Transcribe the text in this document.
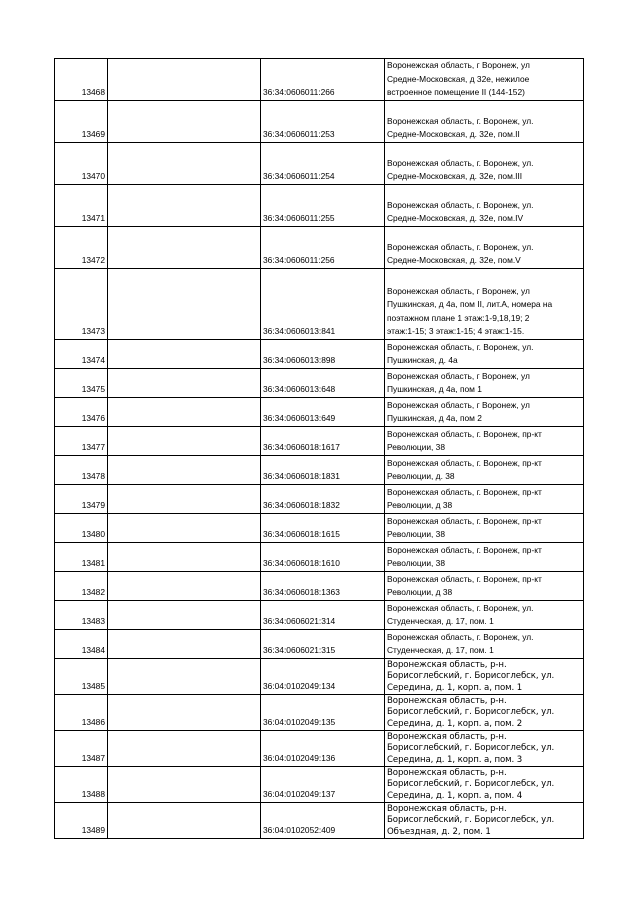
13468		36:34:0606011:266	Воронежская область, г Воронеж, ул
Средне-Московская, д 32е, нежилое
встроенное помещение II (144-152)

13469		36:34:0606011:253	Воронежская область, г. Воронеж, ул.
Средне-Московская, д. 32е, пом.II

13470		36:34:0606011:254	Воронежская область, г. Воронеж, ул.
Средне-Московская, д. 32е, пом.III

13471		36:34:0606011:255	Воронежская область, г. Воронеж, ул.
Средне-Московская, д. 32е, пом.IV

13472		36:34:0606011:256	Воронежская область, г. Воронеж, ул.
Средне-Московская, д. 32е, пом.V

13473		36:34:0606013:841	Воронежская область, г Воронеж, ул
Пушкинская, д 4а, пом II, лит.А, номера на
поэтажном плане 1 этаж:1-9,18,19; 2
этаж:1-15; 3 этаж:1-15; 4 этаж:1-15.

13474		36:34:0606013:898	Воронежская область, г. Воронеж, ул.
Пушкинская, д. 4а

13475		36:34:0606013:648	Воронежская область, г Воронеж, ул
Пушкинская, д 4а, пом 1

13476		36:34:0606013:649	Воронежская область, г Воронеж, ул
Пушкинская, д 4а, пом 2

13477		36:34:0606018:1617	Воронежская область, г. Воронеж, пр-кт
Революции, 38

13478		36:34:0606018:1831	Воронежская область, г. Воронеж, пр-кт
Революции, д. 38

13479		36:34:0606018:1832	Воронежская область, г. Воронеж, пр-кт
Революции, д 38

13480		36:34:0606018:1615	Воронежская область, г. Воронеж, пр-кт
Революции, 38

13481		36:34:0606018:1610	Воронежская область, г. Воронеж, пр-кт
Революции, 38

13482		36:34:0606018:1363	Воронежская область, г. Воронеж, пр-кт
Революции, д 38

13483		36:34:0606021:314	Воронежская область, г. Воронеж, ул.
Студенческая, д. 17, пом. 1

13484		36:34:0606021:315	Воронежская область, г. Воронеж, ул.
Студенческая, д. 17, пом. 1

13485		36:04:0102049:134	Воронежская область, р-н.
Борисоглебский, г. Борисоглебск, ул.
Середина, д. 1, корп. а, пом. 1

13486		36:04:0102049:135	Воронежская область, р-н.
Борисоглебский, г. Борисоглебск, ул.
Середина, д. 1, корп. а, пом. 2

13487		36:04:0102049:136	Воронежская область, р-н.
Борисоглебский, г. Борисоглебск, ул.
Середина, д. 1, корп. а, пом. 3

13488		36:04:0102049:137	Воронежская область, р-н.
Борисоглебский, г. Борисоглебск, ул.
Середина, д. 1, корп. а, пом. 4

13489		36:04:0102052:409	Воронежская область, р-н.
Борисоглебский, г. Борисоглебск, ул.
Объездная, д. 2, пом. 1
